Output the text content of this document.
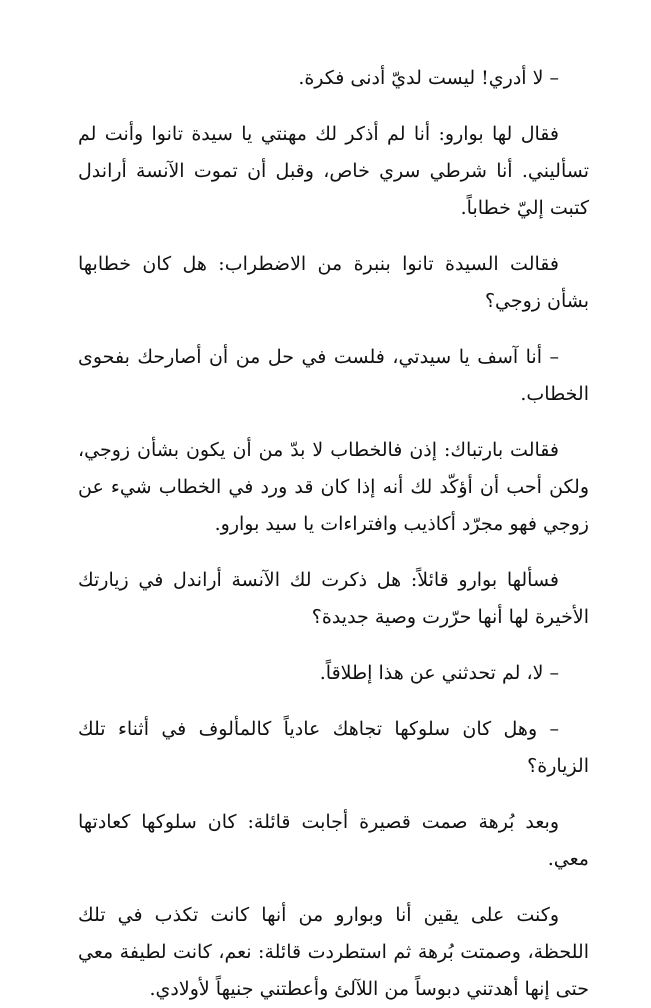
– لا أدري! ليست لديّ أدنى فكرة.

فقال لها بوارو: أنا لم أذكر لك مهنتي يا سيدة تانوا وأنت لم تسأليني. أنا شرطي سري خاص، وقبل أن تموت الآنسة أراندل كتبت إليّ خطاباً.

فقالت السيدة تانوا بنبرة من الاضطراب: هل كان خطابها بشأن زوجي؟

– أنا آسف يا سيدتي، فلست في حل من أن أصارحك بفحوى الخطاب.

فقالت بارتباك: إذن فالخطاب لا بدّ من أن يكون بشأن زوجي، ولكن أحب أن أؤكّد لك أنه إذا كان قد ورد في الخطاب شيء عن زوجي فهو مجرّد أكاذيب وافتراءات يا سيد بوارو.

فسألها بوارو قائلاً: هل ذكرت لك الآنسة أراندل في زيارتك الأخيرة لها أنها حرّرت وصية جديدة؟

– لا، لم تحدثني عن هذا إطلاقاً.

– وهل كان سلوكها تجاهك عادياً كالمألوف في أثناء تلك الزيارة؟

وبعد بُرهة صمت قصيرة أجابت قائلة: كان سلوكها كعادتها معي.

وكنت على يقين أنا وبوارو من أنها كانت تكذب في تلك اللحظة، وصمتت بُرهة ثم استطردت قائلة: نعم، كانت لطيفة معي حتى إنها أهدتني دبوساً من اللآلئ وأعطتني جنيهاً لأولادي.
